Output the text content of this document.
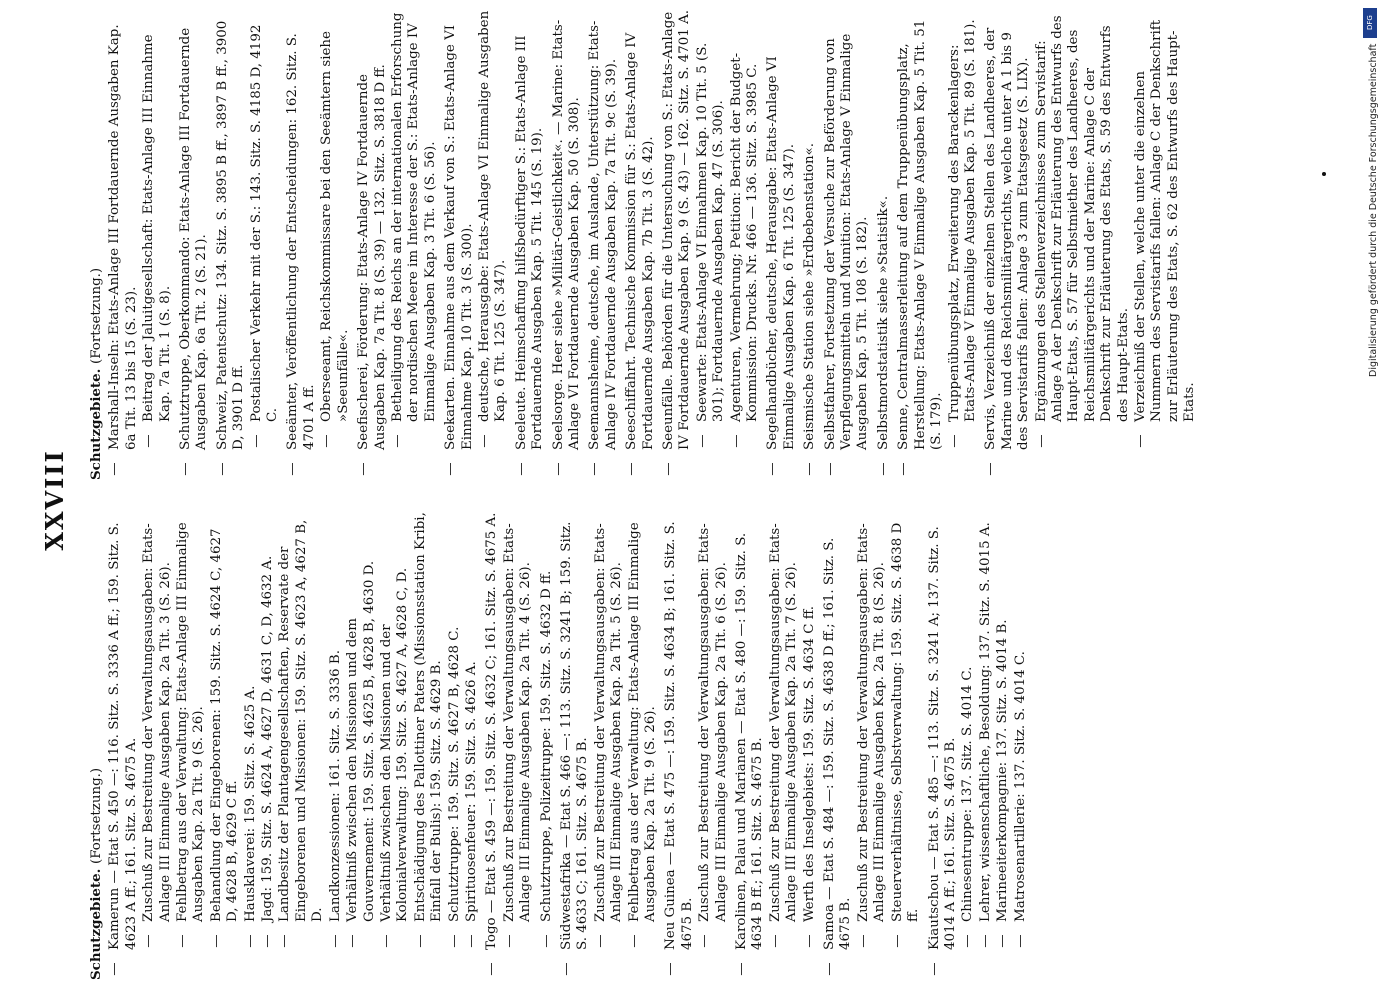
XXVIII
Schutzgebiete. (Fortsetzung.)
—
Kamerun — Etat S. 450 —: 116. Sitz. S. 3336 A ff.; 159. Sitz. S. 4623 A ff.; 161. Sitz. S. 4675 A. —
Zuschuß zur Bestreitung der Verwaltungsausgaben: Etats-Anlage III Einmalige Ausgaben Kap. 2a Tit. 3 (S. 26).
—
Fehlbetrag aus der Verwaltung: Etats-Anlage III Einmalige Ausgaben Kap. 2a Tit. 9 (S. 26).
—
Behandlung der Eingeborenen: 159. Sitz. S. 4624 C, 4627 D, 4628 B, 4629 C ff.
—
Hausklaverei: 159. Sitz. S. 4625 A.
—
Jagd: 159. Sitz. S. 4624 A, 4627 D, 4631 C, D, 4632 A.
—
Landbesitz der Plantagengesellschaften, Reservate der Eingeborenen und Missionen: 159. Sitz. S. 4623 A, 4627 B, D.
—
Landkonzessionen: 161. Sitz. S. 3336 B.
—
Verhältniß zwischen den Missionen und dem Gouvernement: 159. Sitz. S. 4625 B, 4628 B, 4630 D.
—
Verhältniß zwischen den Missionen und der Kolonialverwaltung: 159. Sitz. S. 4627 A, 4628 C, D.
—
Entschädigung des Pallottiner Paters (Missionsstation Kribi, Einfall der Bulis): 159. Sitz. S. 4629 B.
—
Schutztruppe: 159. Sitz. S. 4627 B, 4628 C.
—
Spirituosenfeuer: 159. Sitz. S. 4626 A.
—
Togo — Etat S. 459 —: 159. Sitz. S. 4632 C; 161. Sitz. S. 4675 A. —
Zuschuß zur Bestreitung der Verwaltungsausgaben: Etats-Anlage III Einmalige Ausgaben Kap. 2a Tit. 4 (S. 26).
—
Schutztruppe, Polizeitruppe: 159. Sitz. S. 4632 D ff.
—
Südwestafrika — Etat S. 466 —: 113. Sitz. S. 3241 B; 159. Sitz. S. 4633 C; 161. Sitz. S. 4675 B. —
Zuschuß zur Bestreitung der Verwaltungsausgaben: Etats-Anlage III Einmalige Ausgaben Kap. 2a Tit. 5 (S. 26).
—
Fehlbetrag aus der Verwaltung: Etats-Anlage III Einmalige Ausgaben Kap. 2a Tit. 9 (S. 26).
—
Neu Guinea — Etat S. 475 —: 159. Sitz. S. 4634 B; 161. Sitz. S. 4675 B. —
Zuschuß zur Bestreitung der Verwaltungsausgaben: Etats-Anlage III Einmalige Ausgaben Kap. 2a Tit. 6 (S. 26).
—
Karolinen, Palau und Marianen — Etat S. 480 —: 159. Sitz. S. 4634 B ff.; 161. Sitz. S. 4675 B. —
Zuschuß zur Bestreitung der Verwaltungsausgaben: Etats-Anlage III Einmalige Ausgaben Kap. 2a Tit. 7 (S. 26).
—
Werth des Inselgebiets: 159. Sitz. S. 4634 C ff.
—
Samoa — Etat S. 484 —: 159. Sitz. S. 4638 D ff.; 161. Sitz. S. 4675 B. —
Zuschuß zur Bestreitung der Verwaltungsausgaben: Etats-Anlage III Einmalige Ausgaben Kap. 2a Tit. 8 (S. 26).
—
Steuerverhältnisse, Selbstverwaltung: 159. Sitz. S. 4638 D ff.
—
Kiautschou — Etat S. 485 —: 113. Sitz. S. 3241 A; 137. Sitz. S. 4014 A ff.; 161. Sitz. S. 4675 B. —
Chinesentruppe: 137. Sitz. S. 4014 C.
—
Lehrer, wissenschaftliche, Besoldung: 137. Sitz. S. 4015 A.
—
Marineeiterkompagnie: 137. Sitz. S. 4014 B.
—
Matrosenartillerie: 137. Sitz. S. 4014 C.
Schutzgebiete. (Fortsetzung.)
—
Marshall-Inseln: Etats-Anlage III Fortdauernde Ausgaben Kap. 6a Tit. 13 bis 15 (S. 23). —
Beitrag der Jaluitgesellschaft: Etats-Anlage III Einnahme Kap. 7a Tit. 1 (S. 8).
—
Schutztruppe, Oberkommando: Etats-Anlage III Fortdauernde Ausgaben Kap. 6a Tit. 2 (S. 21).
—
Schweiz, Patentschutz: 134. Sitz. S. 3895 B ff., 3897 B ff., 3900 D, 3901 D ff. —
Postalischer Verkehr mit der S.: 143. Sitz. S. 4185 D, 4192 C.
—
Seeämter, Veröffentlichung der Entscheidungen: 162. Sitz. S. 4701 A ff. —
Oberseeamt, Reichskommissare bei den Seeämtern siehe »Seeunfälle«.
—
Seefischerei, Förderung: Etats-Anlage IV Fortdauernde Ausgaben Kap. 7a Tit. 8 (S. 39) — 132. Sitz. S. 3818 D ff. —
Betheiligung des Reichs an der internationalen Erforschung der nordischen Meere im Interesse der S.: Etats-Anlage IV Einmalige Ausgaben Kap. 3 Tit. 6 (S. 56).
—
Seekarten. Einnahme aus dem Verkauf von S.: Etats-Anlage VI Einnahme Kap. 10 Tit. 3 (S. 300). —
deutsche, Herausgabe: Etats-Anlage VI Einmalige Ausgaben Kap. 6 Tit. 125 (S. 347).
—
Seeleute. Heimschaffung hilfsbedürftiger S.: Etats-Anlage III Fortdauernde Ausgaben Kap. 5 Tit. 145 (S. 19).
—
Seelsorge. Heer siehe »Militär-Geistlichkeit«. — Marine: Etats-Anlage VI Fortdauernde Ausgaben Kap. 50 (S. 308).
—
Seemannsheime, deutsche, im Auslande, Unterstützung: Etats-Anlage IV Fortdauernde Ausgaben Kap. 7a Tit. 9c (S. 39).
—
Seeschiffahrt. Technische Kommission für S.: Etats-Anlage IV Fortdauernde Ausgaben Kap. 7b Tit. 3 (S. 42).
—
Seeunfälle. Behörden für die Untersuchung von S.: Etats-Anlage IV Fortdauernde Ausgaben Kap. 9 (S. 43) — 162. Sitz. S. 4701 A. —
Seewarte: Etats-Anlage VI Einnahmen Kap. 10 Tit. 5 (S. 301); Fortdauernde Ausgaben Kap. 47 (S. 306).
—
Agenturen, Vermehrung; Petition: Bericht der Budget-Kommission: Drucks. Nr. 466 — 136. Sitz. S. 3985 C.
—
Segelhandbücher, deutsche, Herausgabe: Etats-Anlage VI Einmalige Ausgaben Kap. 6 Tit. 125 (S. 347).
—
Seismische Station siehe »Erdbebenstation«.
—
Selbstfahrer, Fortsetzung der Versuche zur Beförderung von Verpflegungsmitteln und Munition: Etats-Anlage V Einmalige Ausgaben Kap. 5 Tit. 108 (S. 182).
—
Selbstmordstatistik siehe »Statistik«.
—
Senne, Centralmasserleitung auf dem Truppenübungsplatz, Herstellung: Etats-Anlage V Einmalige Ausgaben Kap. 5 Tit. 51 (S. 179). —
Truppenübungsplatz, Erweiterung des Barackenlagers: Etats-Anlage V Einmalige Ausgaben Kap. 5 Tit. 89 (S. 181).
—
Servis, Verzeichniß der einzelnen Stellen des Landheeres, der Marine und des Reichsmilitärgerichts, welche unter A 1 bis 9 des Servistarifs fallen: Anlage 3 zum Etatsgesetz (S. LIX). —
Ergänzungen des Stellenverzeichnisses zum Servistarif: Anlage A der Denkschrift zur Erläuterung des Entwurfs des Haupt-Etats, S. 57 für Selbstmiether des Landheeres, des Reichsmilitärgerichts und der Marine: Anlage C der Denkschrift zur Erläuterung des Etats, S. 59 des Entwurfs des Haupt-Etats.
—
Verzeichniß der Stellen, welche unter die einzelnen Nummern des Servistarifs fallen: Anlage C der Denkschrift zur Erläuterung des Etats, S. 62 des Entwurfs des Haupt-Etats.
DFG
Digitalisierung gefördert durch die Deutsche Forschungsgemeinschaft
